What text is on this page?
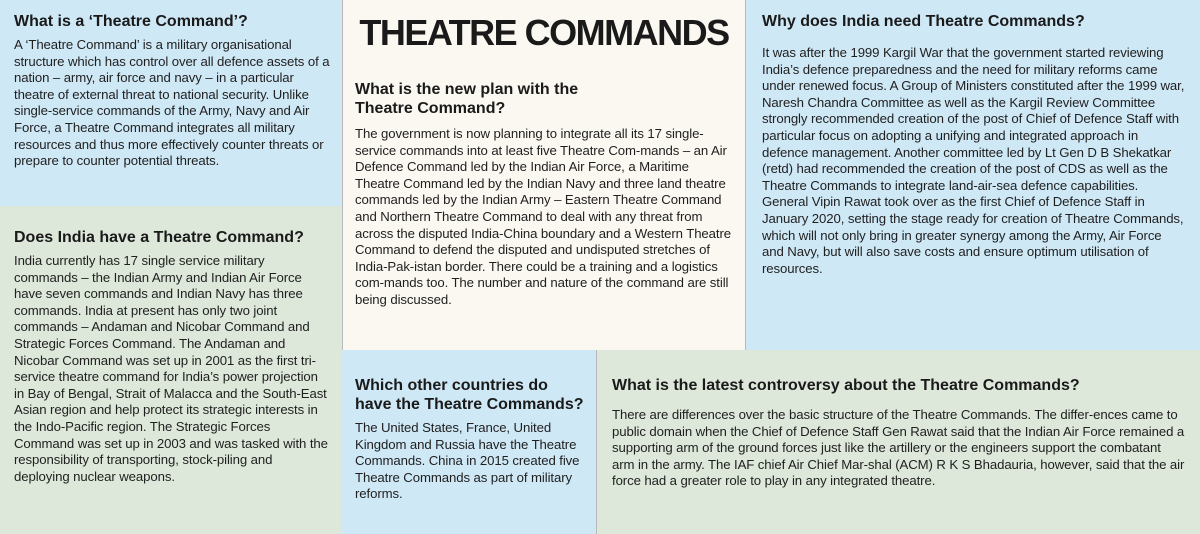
What is a ‘Theatre Command’?

A ‘Theatre Command’ is a military organisational structure which has control over all defence assets of a nation – army, air force and navy – in a particular theatre of external threat to national security. Unlike single-service commands of the Army, Navy and Air Force, a Theatre Command integrates all military resources and thus more effectively counter threats or prepare to counter potential threats.

Does India have a Theatre Command?

India currently has 17 single service military commands – the Indian Army and Indian Air Force have seven commands and Indian Navy has three commands. India at present has only two joint commands – Andaman and Nicobar Command and Strategic Forces Command. The Andaman and Nicobar Command was set up in 2001 as the first tri-service theatre command for India’s power projection in Bay of Bengal, Strait of Malacca and the South-East Asian region and help protect its strategic interests in the Indo-Pacific region. The Strategic Forces Command was set up in 2003 and was tasked with the responsibility of transporting, stock-piling and deploying nuclear weapons.

THEATRE COMMANDS
What is the new plan with the Theatre Command?

The government is now planning to integrate all its 17 single-service commands into at least five Theatre Com-mands – an Air Defence Command led by the Indian Air Force, a Maritime Theatre Command led by the Indian Navy and three land theatre commands led by the Indian Army – Eastern Theatre Command and Northern Theatre Command to deal with any threat from across the disputed India-China boundary and a Western Theatre Command to defend the disputed and undisputed stretches of India-Pak-istan border. There could be a training and a logistics com-mands too. The number and nature of the command are still being discussed.

Why does India need Theatre Commands?

It was after the 1999 Kargil War that the government started reviewing India’s defence preparedness and the need for military reforms came under renewed focus. A Group of Ministers constituted after the 1999 war, Naresh Chandra Committee as well as the Kargil Review Committee strongly recommended creation of the post of Chief of Defence Staff with particular focus on adopting a unifying and integrated approach in defence management. Another committee led by Lt Gen D B Shekatkar (retd) had recommended the creation of the post of CDS as well as the Theatre Commands to integrate land-air-sea defence capabilities. General Vipin Rawat took over as the first Chief of Defence Staff in January 2020, setting the stage ready for creation of Theatre Commands, which will not only bring in greater synergy among the Army, Air Force and Navy, but will also save costs and ensure optimum utilisation of resources.

Which other countries do have the Theatre Commands?

The United States, France, United Kingdom and Russia have the Theatre Commands. China in 2015 created five Theatre Commands as part of military reforms.

What is the latest controversy about the Theatre Commands?

There are differences over the basic structure of the Theatre Commands. The differ-ences came to public domain when the Chief of Defence Staff Gen Rawat said that the Indian Air Force remained a supporting arm of the ground forces just like the artillery or the engineers support the combatant arm in the army. The IAF chief Air Chief Mar-shal (ACM) R K S Bhadauria, however, said that the air force had a greater role to play in any integrated theatre.
